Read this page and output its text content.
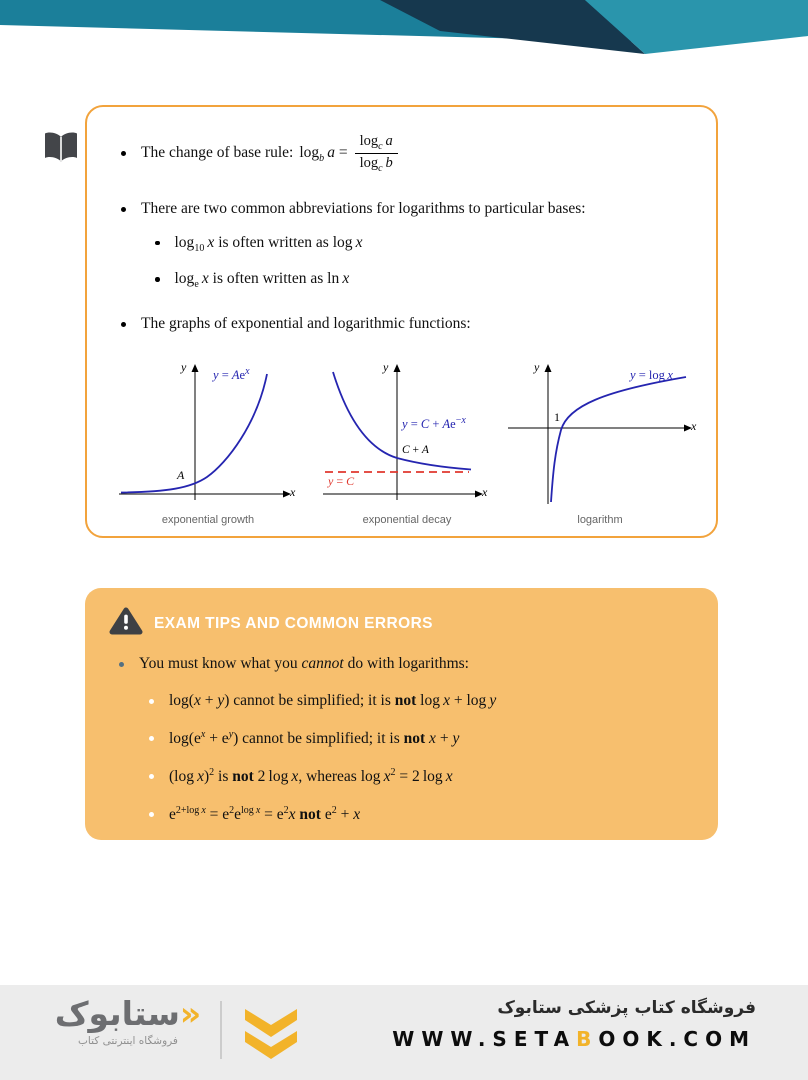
The change of base rule: $\log_b a = \frac{\log_c a}{\log_c b}$
There are two common abbreviations for logarithms to particular bases:
$\log_{10} x$ is often written as log x
$\log_e x$ is often written as ln x
The graphs of exponential and logarithmic functions:
y
x
$y = Ae^x$
A
exponential growth
y
x
$y = C + Ae^{-x}$
C + A
y = C
exponential decay
y
x
y = log x
1
logarithm
EXAM TIPS AND COMMON ERRORS
You must know what you cannot do with logarithms:
log(x + y) cannot be simplified; it is not log x + log y
$\log(e^x + e^y)$ cannot be simplified; it is not x + y
(log x)$^2$ is not 2 log x, whereas $\log x^2 = 2$ log x
$e^{2+log x} = e^2e^{log x} = e^2x$ not $e^2 + x$
«ستابوک
فروشگاه اینترنتی کتاب
فروشگاه کتاب پزشکی ستابوک
WWW.SETABOOK.COM
